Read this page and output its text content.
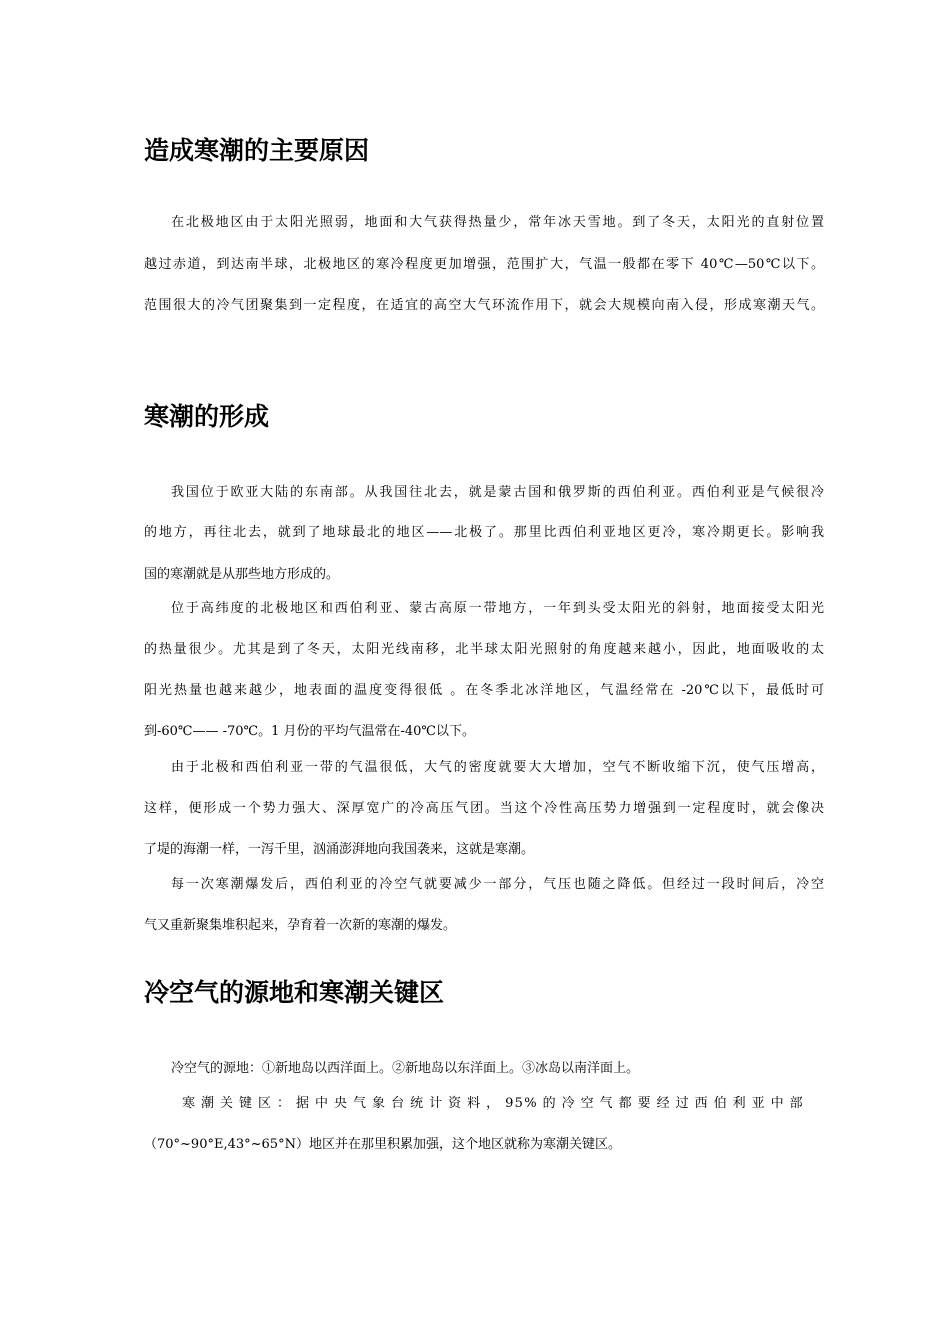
造成寒潮的主要原因

在北极地区由于太阳光照弱，地面和大气获得热量少，常年冰天雪地。到了冬天，太阳光的直射位置

越过赤道，到达南半球，北极地区的寒冷程度更加增强，范围扩大，气温一般都在零下 40℃—50℃以下。

范围很大的冷气团聚集到一定程度，在适宜的高空大气环流作用下，就会大规模向南入侵，形成寒潮天气。

寒潮的形成

我国位于欧亚大陆的东南部。从我国往北去，就是蒙古国和俄罗斯的西伯利亚。西伯利亚是气候很冷

的地方，再往北去，就到了地球最北的地区——北极了。那里比西伯利亚地区更冷，寒冷期更长。影响我

国的寒潮就是从那些地方形成的。

位于高纬度的北极地区和西伯利亚、蒙古高原一带地方，一年到头受太阳光的斜射，地面接受太阳光

的热量很少。尤其是到了冬天，太阳光线南移，北半球太阳光照射的角度越来越小，因此，地面吸收的太

阳光热量也越来越少，地表面的温度变得很低 。在冬季北冰洋地区，气温经常在 -20℃以下，最低时可

到-60℃—— -70℃。1 月份的平均气温常在-40℃以下。

由于北极和西伯利亚一带的气温很低，大气的密度就要大大增加，空气不断收缩下沉，使气压增高，

这样，便形成一个势力强大、深厚宽广的冷高压气团。当这个冷性高压势力增强到一定程度时，就会像决

了堤的海潮一样，一泻千里，汹涌澎湃地向我国袭来，这就是寒潮。

每一次寒潮爆发后，西伯利亚的冷空气就要减少一部分，气压也随之降低。但经过一段时间后，冷空

气又重新聚集堆积起来，孕育着一次新的寒潮的爆发。

冷空气的源地和寒潮关键区

冷空气的源地：①新地岛以西洋面上。②新地岛以东洋面上。③冰岛以南洋面上。

寒潮关键区：据中央气象台统计资料，95%的冷空气都要经过西伯利亚中部

（70°~90°E,43°~65°N）地区并在那里积累加强，这个地区就称为寒潮关键区。
